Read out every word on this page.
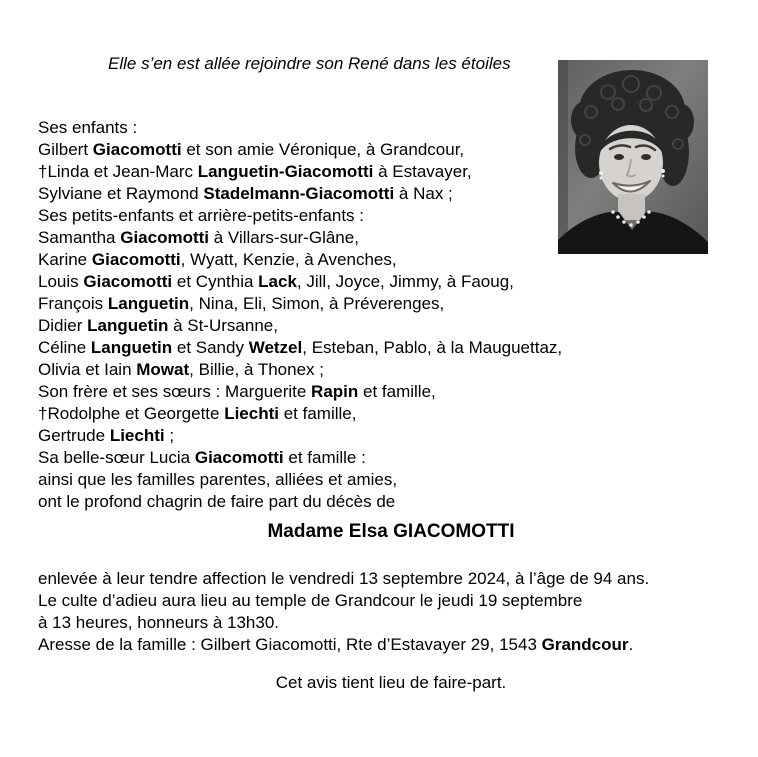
Elle s’en est allée rejoindre son René dans les étoiles
Ses enfants :
Gilbert Giacomotti et son amie Véronique, à Grandcour,
†Linda et Jean-Marc Languetin-Giacomotti à Estavayer,
Sylviane et Raymond Stadelmann-Giacomotti à Nax ;
Ses petits-enfants et arrière-petits-enfants :
Samantha Giacomotti à Villars-sur-Glâne,
Karine Giacomotti, Wyatt, Kenzie, à Avenches,
Louis Giacomotti et Cynthia Lack, Jill, Joyce, Jimmy, à Faoug,
François Languetin, Nina, Eli, Simon, à Préverenges,
Didier Languetin à St-Ursanne,
Céline Languetin et Sandy Wetzel, Esteban, Pablo, à la Mauguettaz,
Olivia et Iain Mowat, Billie, à Thonex ;
Son frère et ses sœurs : Marguerite Rapin et famille,
†Rodolphe et Georgette Liechti et famille,
Gertrude Liechti ;
Sa belle-sœur Lucia Giacomotti et famille :
ainsi que les familles parentes, alliées et amies,
ont le profond chagrin de faire part du décès de
Madame Elsa GIACOMOTTI
enlevée à leur tendre affection le vendredi 13 septembre 2024, à l’âge de 94 ans.
Le culte d’adieu aura lieu au temple de Grandcour le jeudi 19 septembre
à 13 heures, honneurs à 13h30.
Aresse de la famille : Gilbert Giacomotti, Rte d’Estavayer 29, 1543 Grandcour.
Cet avis tient lieu de faire-part.
